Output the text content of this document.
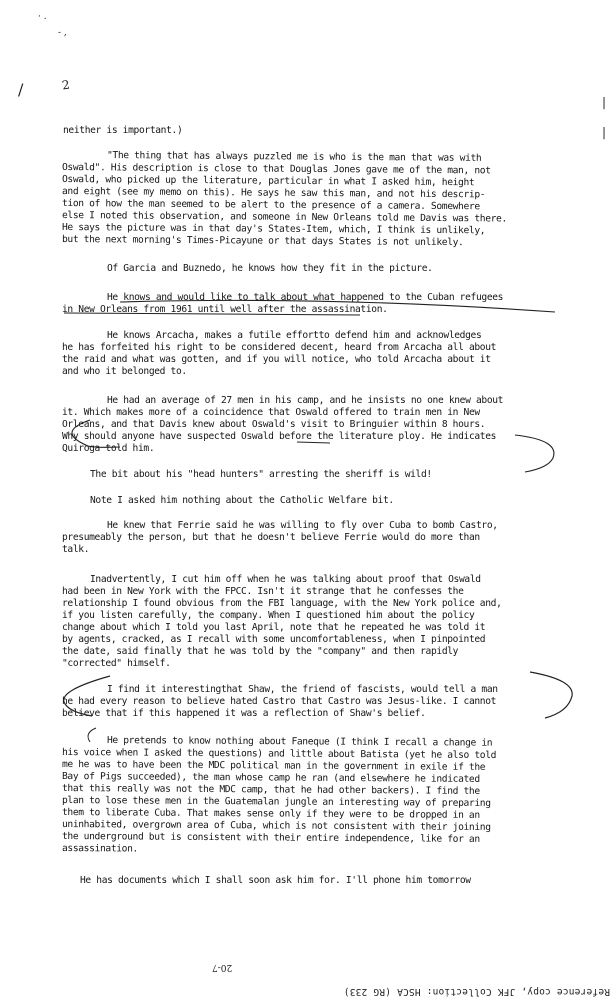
2
· .
- ,
/
|
|
neither is important.)
"The thing that has always puzzled me is who is the man that was with
Oswald". His description is close to that Douglas Jones gave me of the man, not
Oswald, who picked up the literature, particular in what I asked him, height
and eight (see my memo on this). He says he saw this man, and not his descrip-
tion of how the man seemed to be alert to the presence of a camera. Somewhere
else I noted this observation, and someone in New Orleans told me Davis was there.
He says the picture was in that day's States-Item, which, I think is unlikely,
but the next morning's Times-Picayune or that days States is not unlikely.
Of Garcia and Buznedo, he knows how they fit in the picture.
He knows and would like to talk about what happened to the Cuban refugees
in New Orleans from 1961 until well after the assassination.
He knows Arcacha, makes a futile effortto defend him and acknowledges
he has forfeited his right to be considered decent, heard from Arcacha all about
the raid and what was gotten, and if you will notice, who told Arcacha about it
and who it belonged to.
He had an average of 27 men in his camp, and he insists no one knew about
it. Which makes more of a coincidence that Oswald offered to train men in New
Orleans, and that Davis knew about Oswald's visit to Bringuier within 8 hours.
Why should anyone have suspected Oswald before the literature ploy. He indicates
Quiroga told him.
The bit about his "head hunters" arresting the sheriff is wild!
Note I asked him nothing about the Catholic Welfare bit.
He knew that Ferrie said he was willing to fly over Cuba to bomb Castro,
presumeably the person, but that he doesn't believe Ferrie would do more than
talk.
Inadvertently, I cut him off when he was talking about proof that Oswald
had been in New York with the FPCC. Isn't it strange that he confesses the
relationship I found obvious from the FBI language, with the New York police and,
if you listen carefully, the company. When I questioned him about the policy
change about which I told you last April, note that he repeated he was told it
by agents, cracked, as I recall with some uncomfortableness, when I pinpointed
the date, said finally that he was told by the "company" and then rapidly
"corrected" himself.
I find it interestingthat Shaw, the friend of fascists, would tell a man
he had every reason to believe hated Castro that Castro was Jesus-like. I cannot
believe that if this happened it was a reflection of Shaw's belief.
He pretends to know nothing about Faneque (I think I recall a change in
his voice when I asked the questions) and little about Batista (yet he also told
me he was to have been the MDC political man in the government in exile if the
Bay of Pigs succeeded), the man whose camp he ran (and elsewhere he indicated
that this really was not the MDC camp, that he had other backers). I find the
plan to lose these men in the Guatemalan jungle an interesting way of preparing
them to liberate Cuba. That makes sense only if they were to be dropped in an
uninhabited, overgrown area of Cuba, which is not consistent with their joining
the underground but is consistent with their entire independence, like for an
assassination.
He has documents which I shall soon ask him for. I'll phone him tomorrow
Reference copy, JFK Collection: HSCA (RG 233)
20-7
